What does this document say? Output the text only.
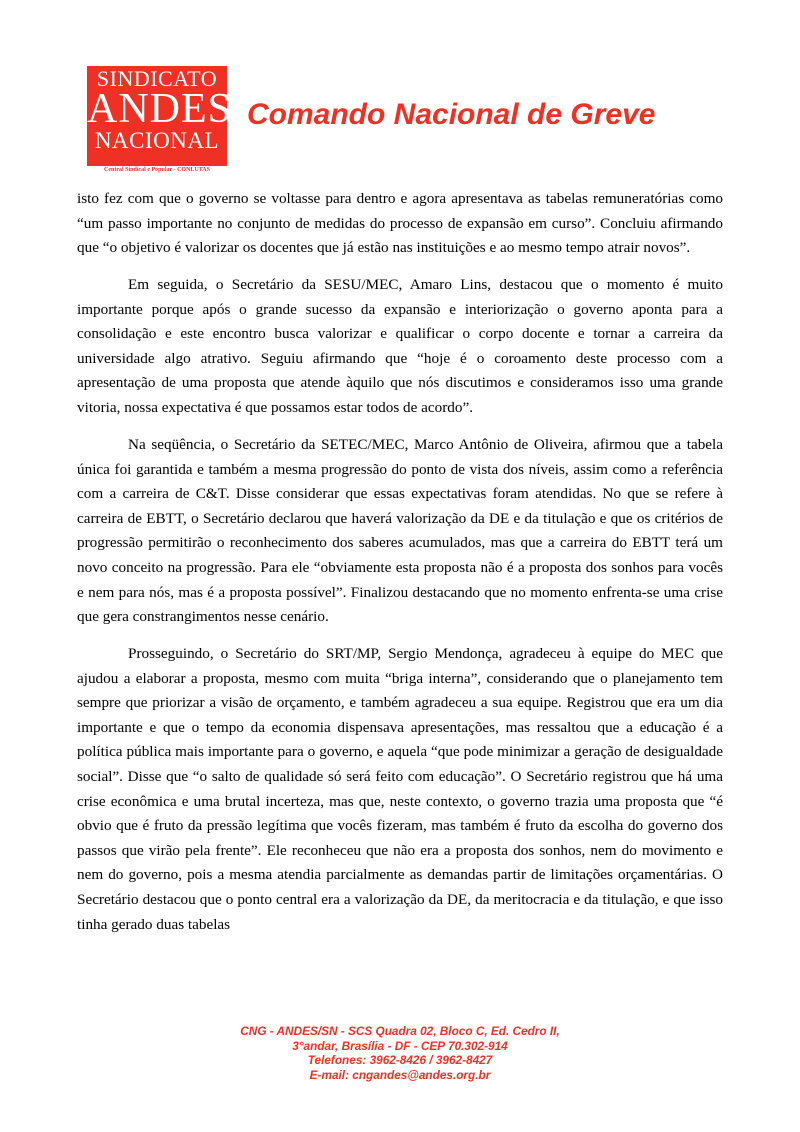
SINDICATO
ANDES
NACIONAL
Central Sindical e Popular - CONLUTAS
Comando Nacional de Greve

isto fez com que o governo se voltasse para dentro e agora apresentava as tabelas remuneratórias como “um passo importante no conjunto de medidas do processo de expansão em curso”. Concluiu afirmando que “o objetivo é valorizar os docentes que já estão nas instituições e ao mesmo tempo atrair novos”.

Em seguida, o Secretário da SESU/MEC, Amaro Lins, destacou que o momento é muito importante porque após o grande sucesso da expansão e interiorização o governo aponta para a consolidação e este encontro busca valorizar e qualificar o corpo docente e tornar a carreira da universidade algo atrativo. Seguiu afirmando que “hoje é o coroamento deste processo com a apresentação de uma proposta que atende àquilo que nós discutimos e consideramos isso uma grande vitoria, nossa expectativa é que possamos estar todos de acordo”.

Na seqüência, o Secretário da SETEC/MEC, Marco Antônio de Oliveira, afirmou que a tabela única foi garantida e também a mesma progressão do ponto de vista dos níveis, assim como a referência com a carreira de C&T. Disse considerar que essas expectativas foram atendidas. No que se refere à carreira de EBTT, o Secretário declarou que haverá valorização da DE e da titulação e que os critérios de progressão permitirão o reconhecimento dos saberes acumulados, mas que a carreira do EBTT terá um novo conceito na progressão. Para ele “obviamente esta proposta não é a proposta dos sonhos para vocês e nem para nós, mas é a proposta possível”. Finalizou destacando que no momento enfrenta-se uma crise que gera constrangimentos nesse cenário.

Prosseguindo, o Secretário do SRT/MP, Sergio Mendonça, agradeceu à equipe do MEC que ajudou a elaborar a proposta, mesmo com muita “briga interna”, considerando que o planejamento tem sempre que priorizar a visão de orçamento, e também agradeceu a sua equipe. Registrou que era um dia importante e que o tempo da economia dispensava apresentações, mas ressaltou que a educação é a política pública mais importante para o governo, e aquela “que pode minimizar a geração de desigualdade social”. Disse que “o salto de qualidade só será feito com educação”. O Secretário registrou que há uma crise econômica e uma brutal incerteza, mas que, neste contexto, o governo trazia uma proposta que “é obvio que é fruto da pressão legítima que vocês fizeram, mas também é fruto da escolha do governo dos passos que virão pela frente”. Ele reconheceu que não era a proposta dos sonhos, nem do movimento e nem do governo, pois a mesma atendia parcialmente as demandas partir de limitações orçamentárias. O Secretário destacou que o ponto central era a valorização da DE, da meritocracia e da titulação, e que isso tinha gerado duas tabelas

CNG - ANDES/SN - SCS Quadra 02, Bloco C, Ed. Cedro II,
3°andar, Brasília - DF - CEP 70.302-914
Telefones: 3962-8426 / 3962-8427
E-mail: cngandes@andes.org.br
